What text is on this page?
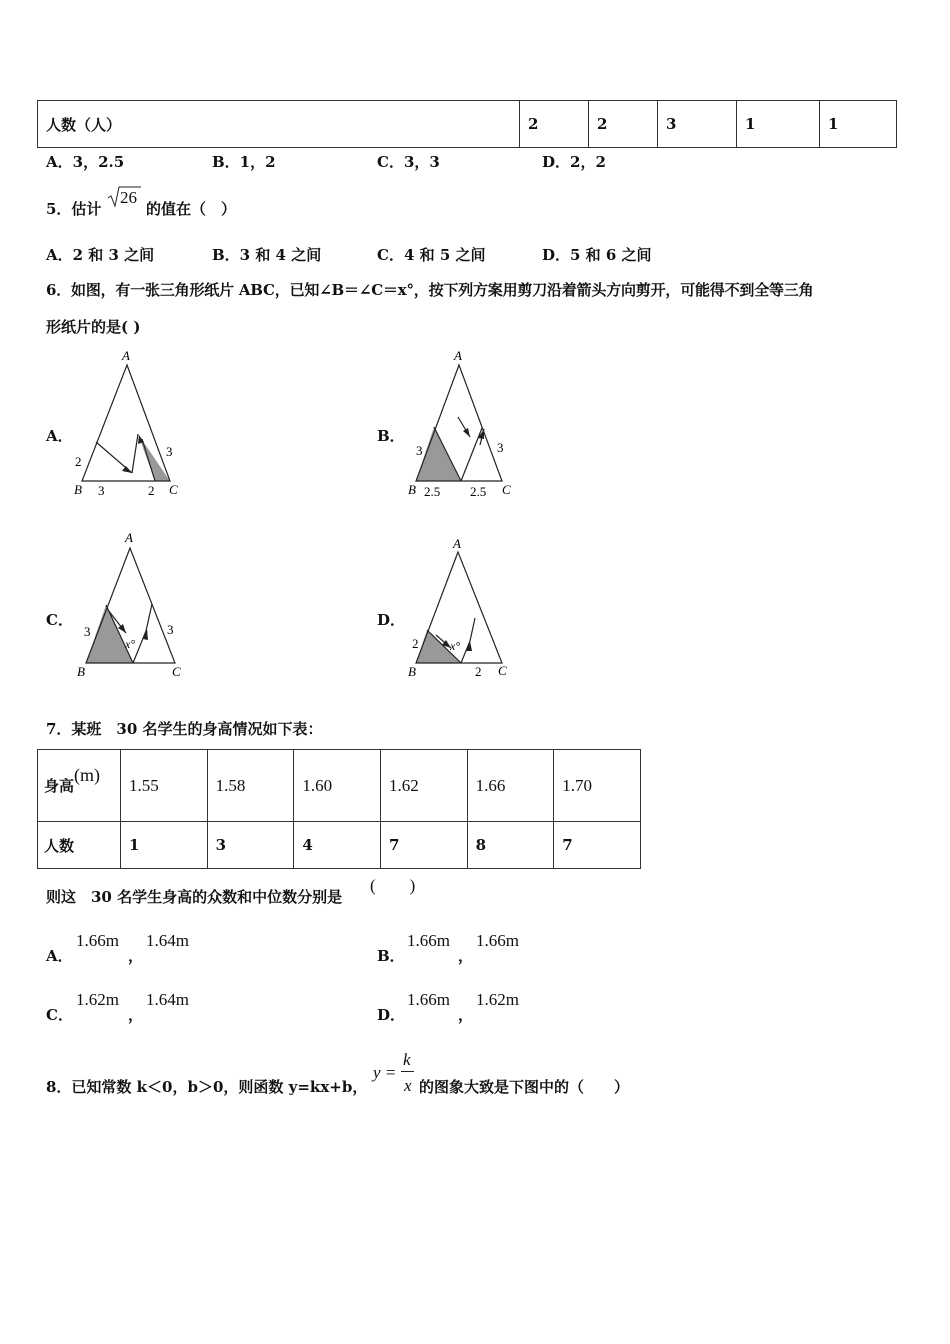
人数（人）	2	2	3	1	1
A．3，2.5	B．1，2	C．3，3	D．2，2
5．估计
26
的值在（　）
A．2 和 3 之间	B．3 和 4 之间	C．4 和 5 之间	D．5 和 6 之间
6．如图，有一张三角形纸片 ABC，已知∠B＝∠C＝x°，按下列方案用剪刀沿着箭头方向剪开，可能得不到全等三角
形纸片的是( )
A．	B．
C．	D．
A
B	C
2
3	2
3
A
B	C
3
2.5 2.5
3
A
B	C
x°
3	3
A
B	C
x°
2
2
7．某班　30 名学生的身高情况如下表：
身高(m)	1.55	1.58	1.60	1.62	1.66	1.70
人数	1	3	4	7	8	7
则这　30 名学生身高的众数和中位数分别是
(　　)
A．
1.66m
，
1.64m
B．
1.66m
，
1.66m
C．
1.62m
，
1.64m
D．
1.66m
，
1.62m
8．已知常数 k＜0，b＞0，则函数 y=kx+b，
y =
k
x 的图象大致是下图中的（　　）
